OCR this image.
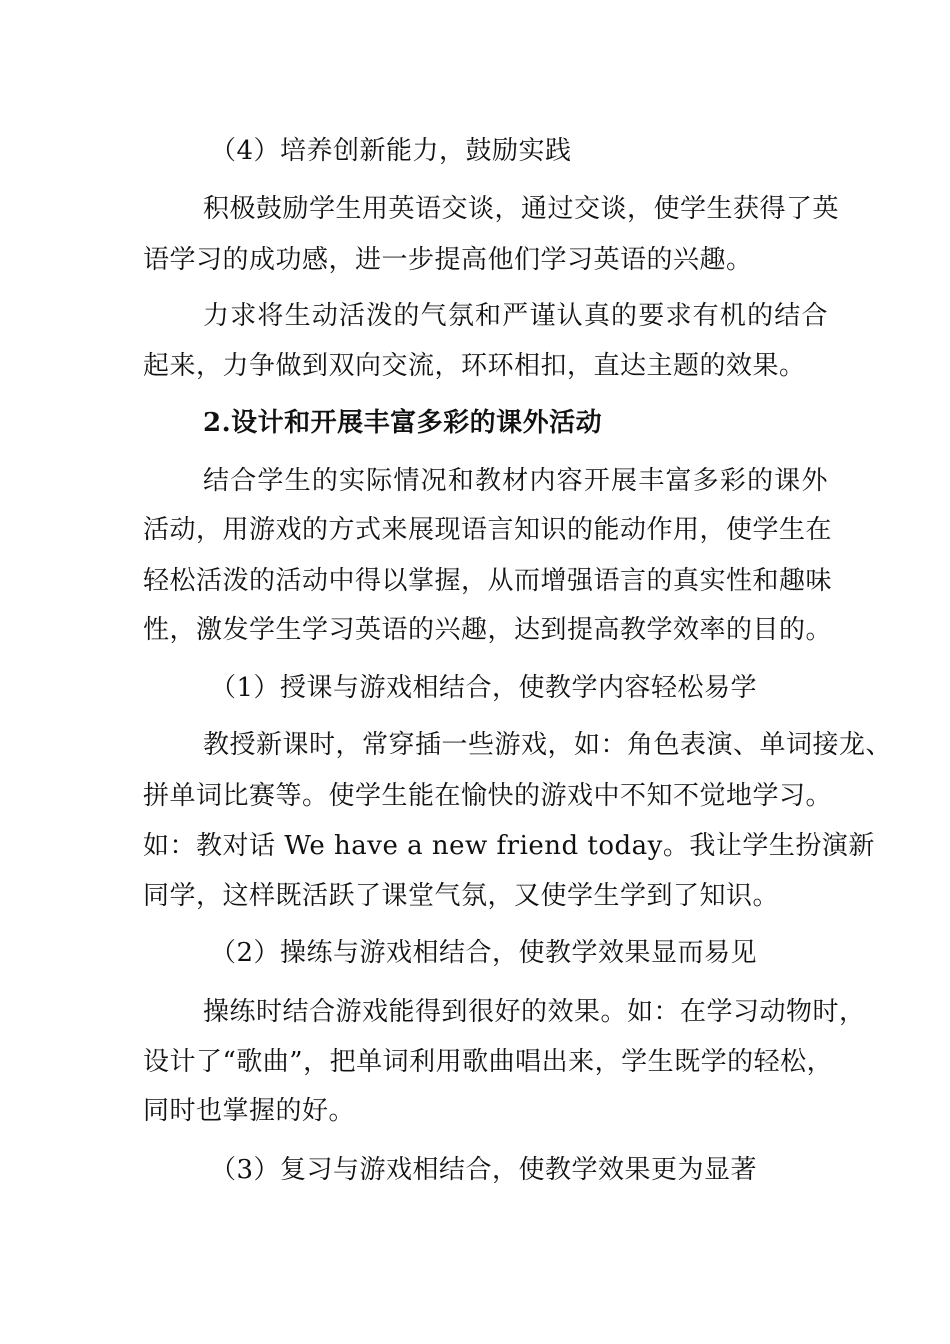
（4）培养创新能力，鼓励实践
积极鼓励学生用英语交谈，通过交谈，使学生获得了英
语学习的成功感，进一步提高他们学习英语的兴趣。
力求将生动活泼的气氛和严谨认真的要求有机的结合
起来，力争做到双向交流，环环相扣，直达主题的效果。
2.设计和开展丰富多彩的课外活动
结合学生的实际情况和教材内容开展丰富多彩的课外
活动，用游戏的方式来展现语言知识的能动作用，使学生在
轻松活泼的活动中得以掌握，从而增强语言的真实性和趣味
性，激发学生学习英语的兴趣，达到提高教学效率的目的。
（1）授课与游戏相结合，使教学内容轻松易学
教授新课时，常穿插一些游戏，如：角色表演、单词接龙、
拼单词比赛等。使学生能在愉快的游戏中不知不觉地学习。
如：教对话 We have a new friend today。我让学生扮演新
同学，这样既活跃了课堂气氛，又使学生学到了知识。
（2）操练与游戏相结合，使教学效果显而易见
操练时结合游戏能得到很好的效果。如：在学习动物时，
设计了“歌曲”，把单词利用歌曲唱出来，学生既学的轻松，
同时也掌握的好。
（3）复习与游戏相结合，使教学效果更为显著
